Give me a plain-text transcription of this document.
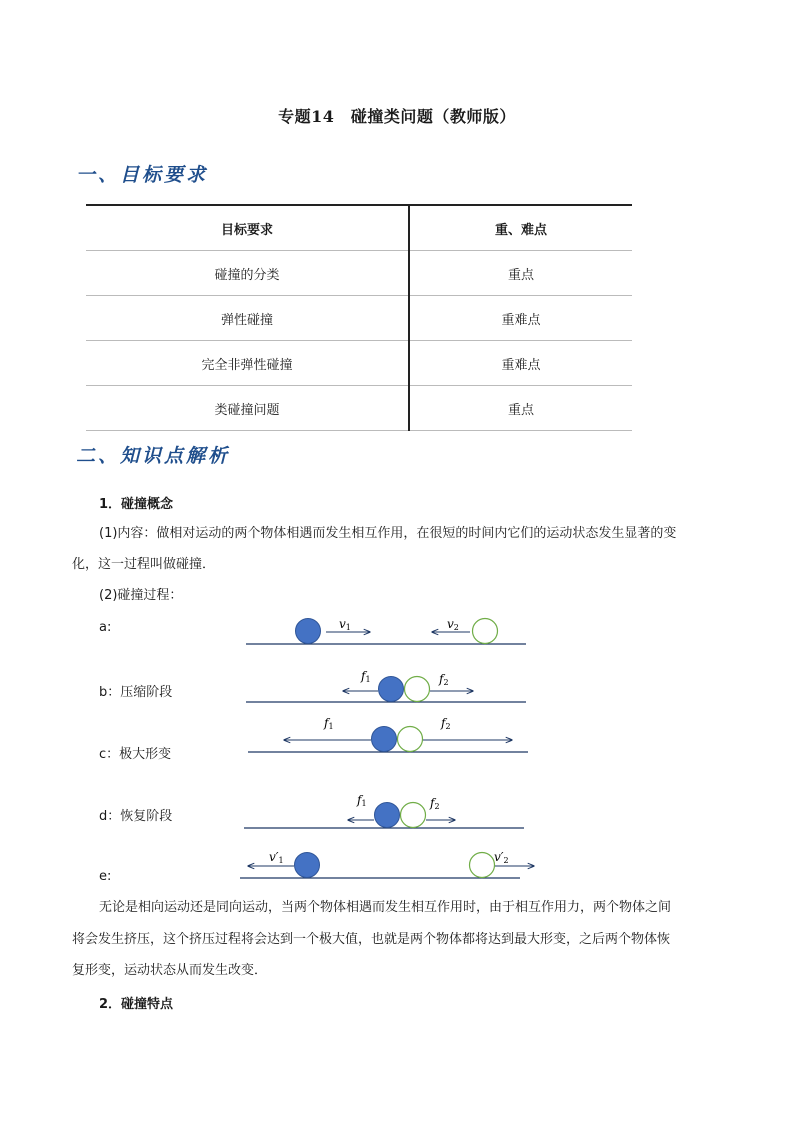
专题14　碰撞类问题（教师版）
一、目标要求
目标要求	重、难点
碰撞的分类	重点
弹性碰撞	重难点
完全非弹性碰撞	重难点
类碰撞问题	重点
二、知识点解析
1．碰撞概念
(1)内容：做相对运动的两个物体相遇而发生相互作用，在很短的时间内它们的运动状态发生显著的变
化，这一过程叫做碰撞．
(2)碰撞过程：
a:
b：压缩阶段
c：极大形变
d：恢复阶段
e:
v1	v2
f1	f2
f1	f2
f1	f2
v′1	v′2
无论是相向运动还是同向运动，当两个物体相遇而发生相互作用时，由于相互作用力，两个物体之间
将会发生挤压，这个挤压过程将会达到一个极大值，也就是两个物体都将达到最大形变，之后两个物体恢
复形变，运动状态从而发生改变．
2．碰撞特点
